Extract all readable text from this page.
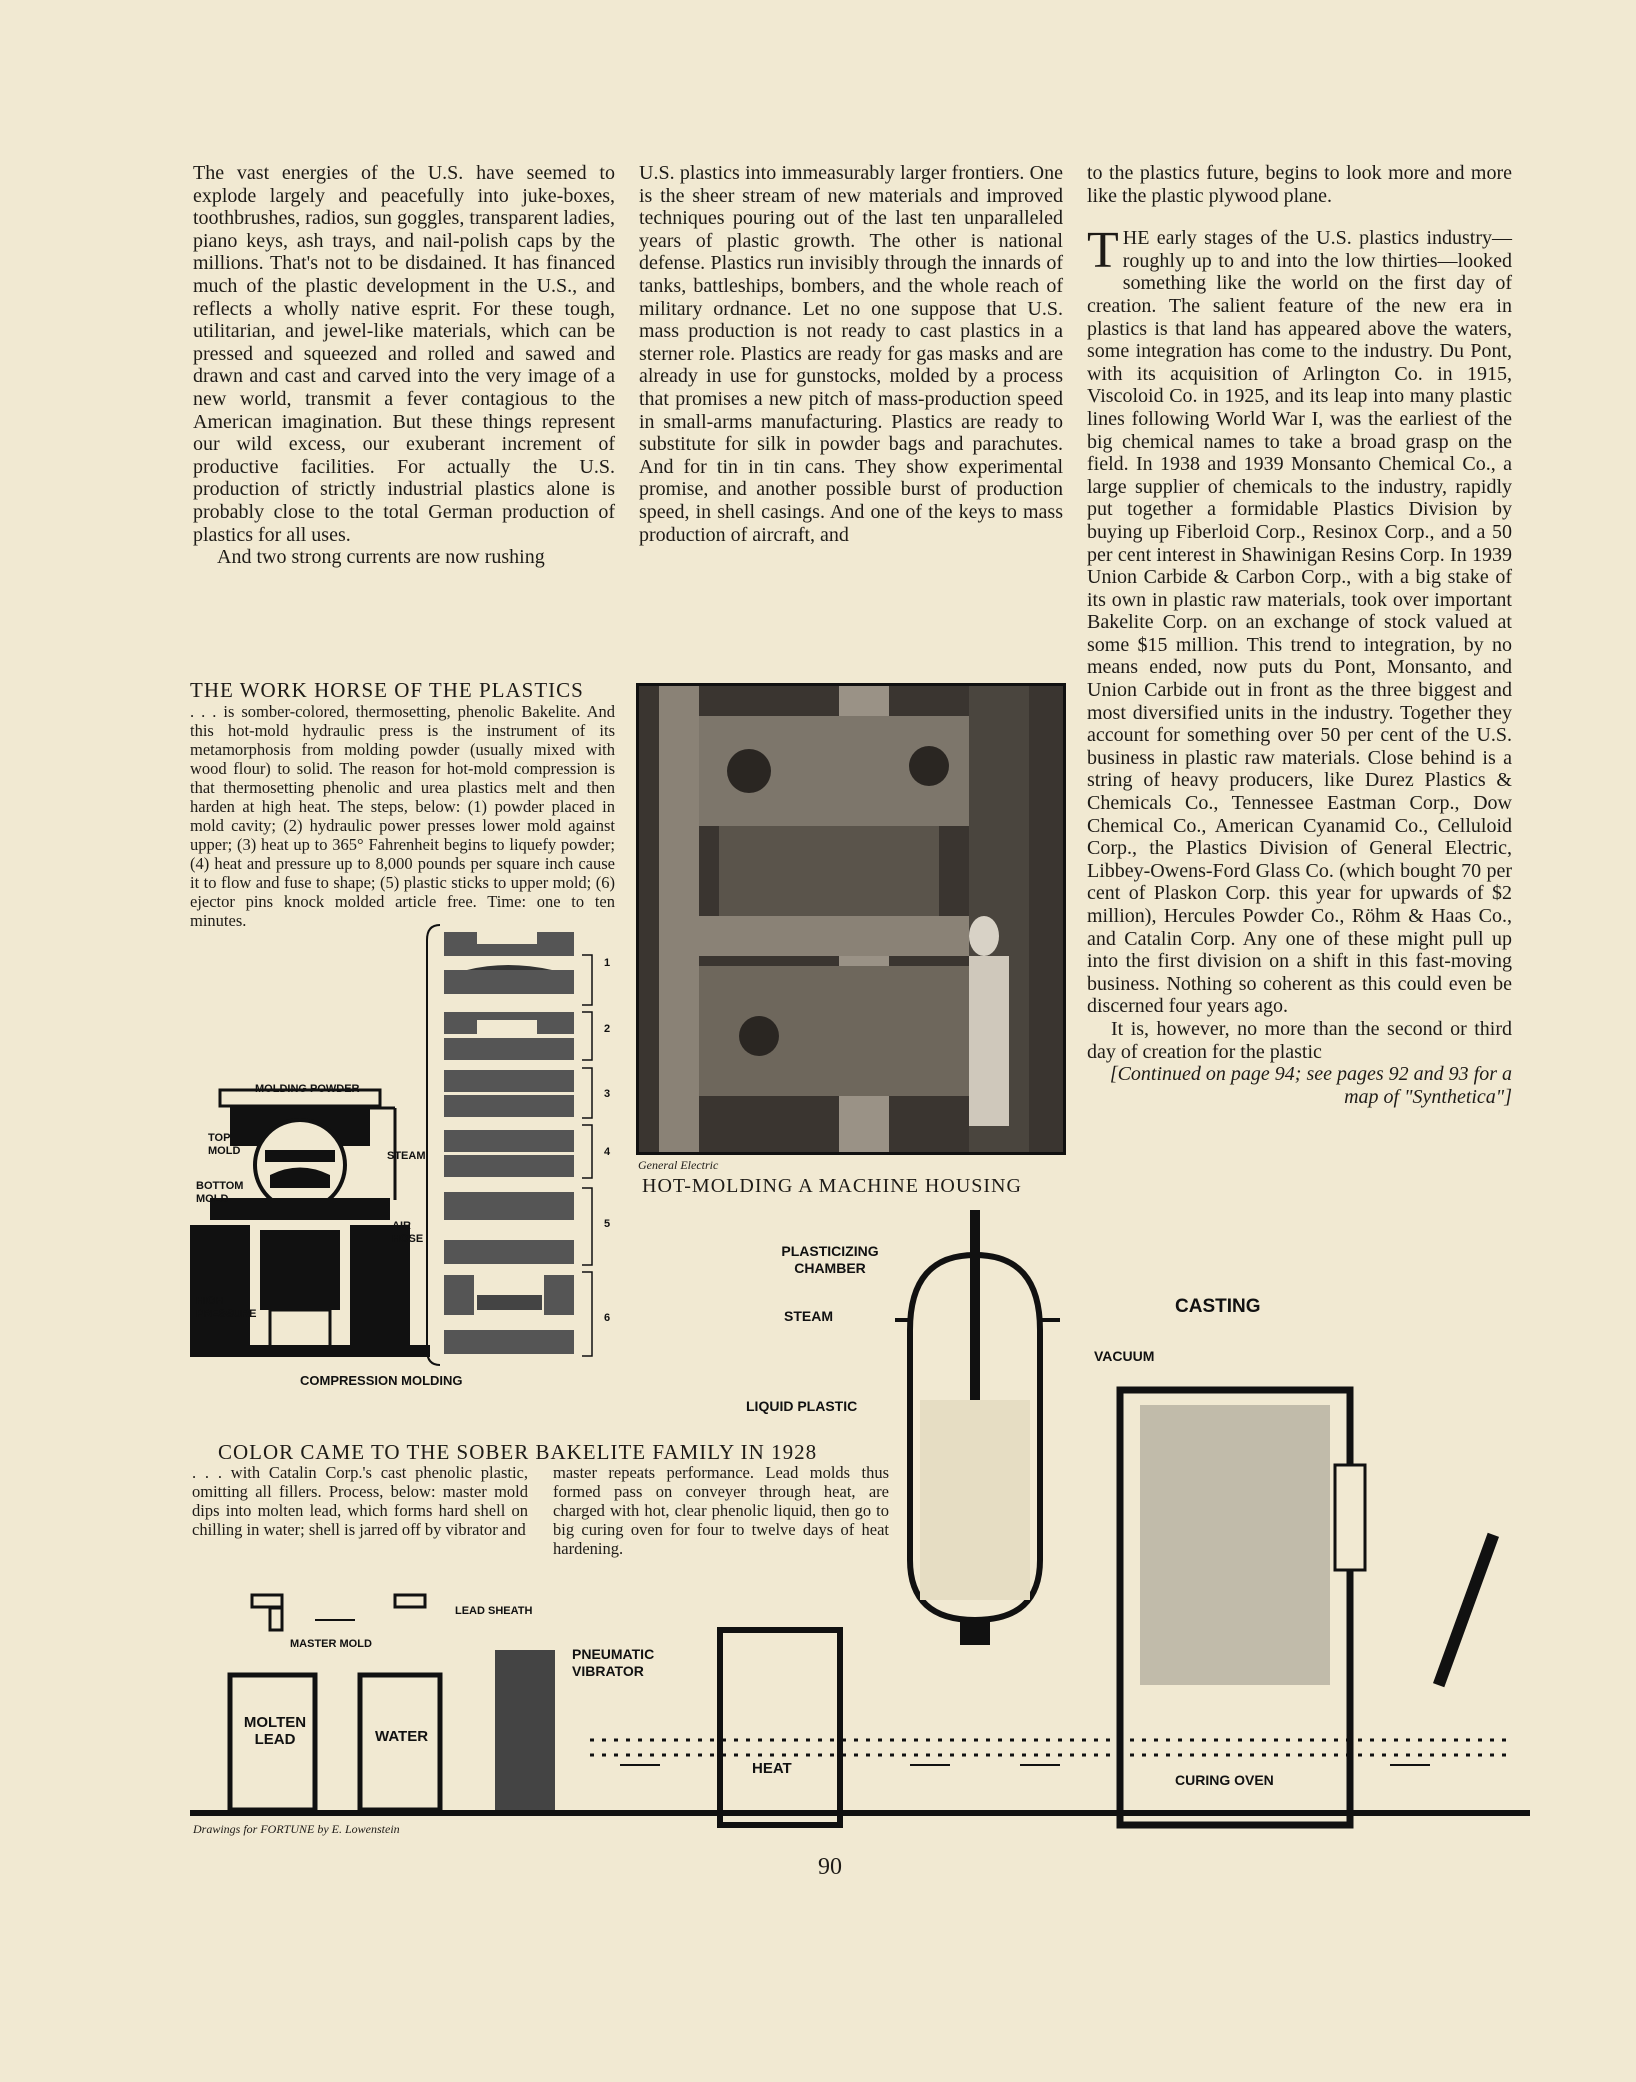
The vast energies of the U.S. have seemed to explode largely and peacefully into juke-boxes, toothbrushes, radios, sun goggles, transparent ladies, piano keys, ash trays, and nail-polish caps by the millions. That's not to be disdained. It has financed much of the plastic development in the U.S., and reflects a wholly native esprit. For these tough, utilitarian, and jewel-like materials, which can be pressed and squeezed and rolled and sawed and drawn and cast and carved into the very image of a new world, transmit a fever contagious to the American imagination. But these things represent our wild excess, our exuberant increment of productive facilities. For actually the U.S. production of strictly industrial plastics alone is probably close to the total German production of plastics for all uses.

And two strong currents are now rushing

U.S. plastics into immeasurably larger frontiers. One is the sheer stream of new materials and improved techniques pouring out of the last ten unparalleled years of plastic growth. The other is national defense. Plastics run invisibly through the innards of tanks, battleships, bombers, and the whole reach of military ordnance. Let no one suppose that U.S. mass production is not ready to cast plastics in a sterner role. Plastics are ready for gas masks and are already in use for gunstocks, molded by a process that promises a new pitch of mass-production speed in small-arms manufacturing. Plastics are ready to substitute for silk in powder bags and parachutes. And for tin in tin cans. They show experimental promise, and another possible burst of production speed, in shell casings. And one of the keys to mass production of aircraft, and

to the plastics future, begins to look more and more like the plastic plywood plane.

T HE early stages of the U.S. plastics industry—roughly up to and into the low thirties—looked something like the world on the first day of creation. The salient feature of the new era in plastics is that land has appeared above the waters, some integration has come to the industry. Du Pont, with its acquisition of Arlington Co. in 1915, Viscoloid Co. in 1925, and its leap into many plastic lines following World War I, was the earliest of the big chemical names to take a broad grasp on the field. In 1938 and 1939 Monsanto Chemical Co., a large supplier of chemicals to the industry, rapidly put together a formidable Plastics Division by buying up Fiberloid Corp., Resinox Corp., and a 50 per cent interest in Shawinigan Resins Corp. In 1939 Union Carbide & Carbon Corp., with a big stake of its own in plastic raw materials, took over important Bakelite Corp. on an exchange of stock valued at some $15 million. This trend to integration, by no means ended, now puts du Pont, Monsanto, and Union Carbide out in front as the three biggest and most diversified units in the industry. Together they account for something over 50 per cent of the U.S. business in plastic raw materials. Close behind is a string of heavy producers, like Durez Plastics & Chemicals Co., Tennessee Eastman Corp., Dow Chemical Co., American Cyanamid Co., Celluloid Corp., the Plastics Division of General Electric, Libbey-Owens-Ford Glass Co. (which bought 70 per cent of Plaskon Corp. this year for upwards of $2 million), Hercules Powder Co., Röhm & Haas Co., and Catalin Corp. Any one of these might pull up into the first division on a shift in this fast-moving business. Nothing so coherent as this could even be discerned four years ago.

It is, however, no more than the second or third day of creation for the plastic

[Continued on page 94; see pages 92 and 93 for a map of "Synthetica"]

THE WORK HORSE OF THE PLASTICS
. . . is somber-colored, thermosetting, phenolic Bakelite. And this hot-mold hydraulic press is the instrument of its metamorphosis from molding powder (usually mixed with wood flour) to solid. The reason for hot-mold compression is that thermosetting phenolic and urea plastics melt and then harden at high heat. The steps, below: (1) powder placed in mold cavity; (2) hydraulic power presses lower mold against upper; (3) heat up to 365° Fahrenheit begins to liquefy powder; (4) heat and pressure up to 8,000 pounds per square inch cause it to flow and fuse to shape; (5) plastic sticks to upper mold; (6) ejector pins knock molded article free. Time: one to ten minutes.
MOLDING POWDER
TOP MOLD	STEAM
BOTTOM MOLD
AIR HOSE
HIGH PRESSURE
COMPRESSION MOLDING
1
2
3
4
5
6
General Electric
HOT-MOLDING A MACHINE HOUSING
CASTING
PLASTICIZING CHAMBER
STEAM
VACUUM
LIQUID PLASTIC
LEAD SHEATH
MASTER MOLD
PNEUMATIC VIBRATOR
MOLTEN LEAD	WATER
HEAT
CURING OVEN
COLOR CAME TO THE SOBER BAKELITE FAMILY IN 1928
. . . with Catalin Corp.'s cast phenolic plastic, omitting all fillers. Process, below: master mold dips into molten lead, which forms hard shell on chilling in water; shell is jarred off by vibrator and
master repeats performance. Lead molds thus formed pass on conveyer through heat, are charged with hot, clear phenolic liquid, then go to big curing oven for four to twelve days of heat hardening.
Drawings for FORTUNE by E. Lowenstein
90
